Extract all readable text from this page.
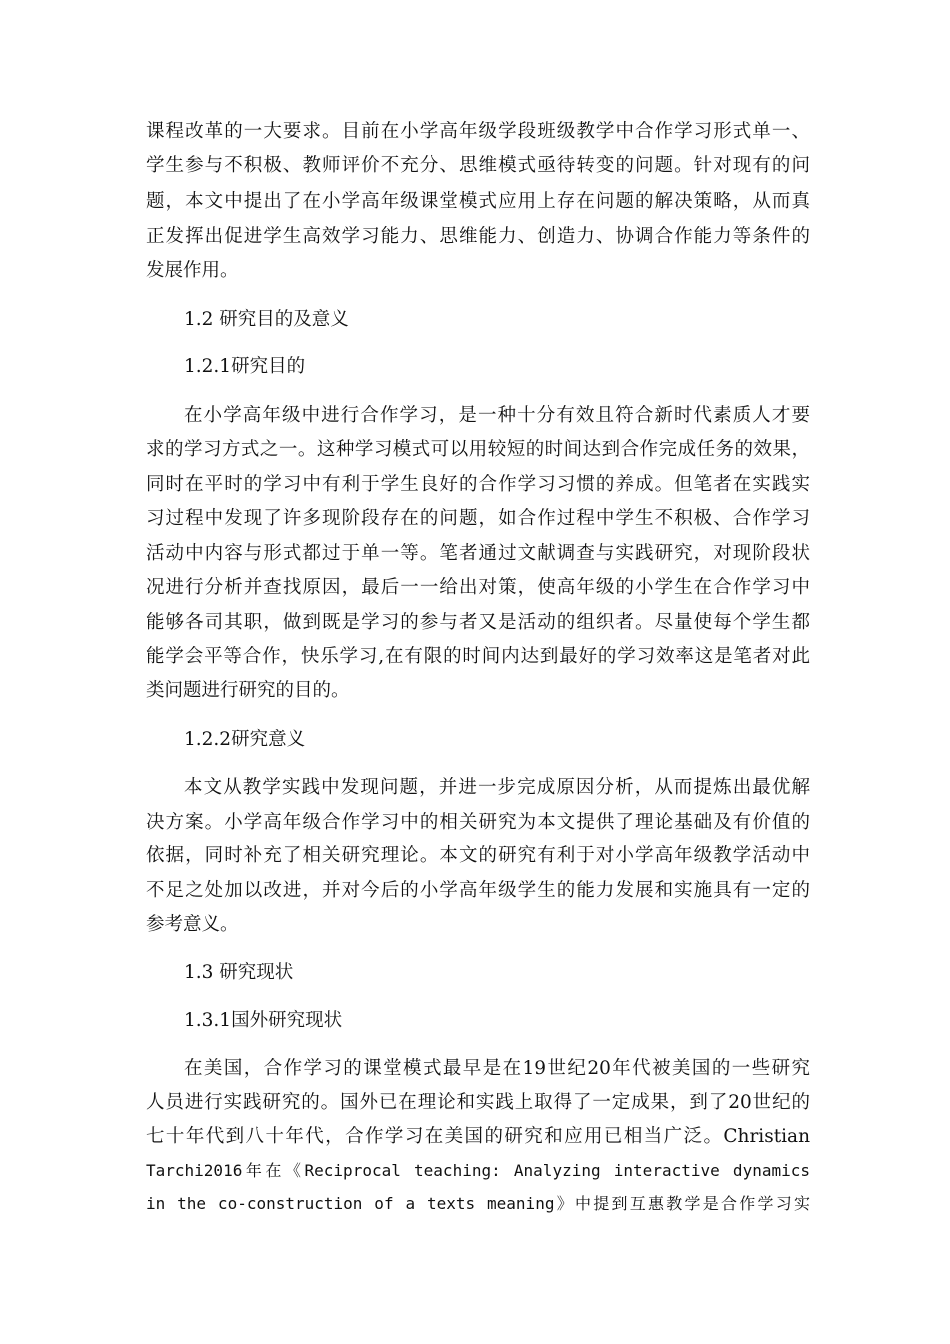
课程改革的一大要求。目前在小学高年级学段班级教学中合作学习形式单一、
学生参与不积极、教师评价不充分、思维模式亟待转变的问题。针对现有的问
题，本文中提出了在小学高年级课堂模式应用上存在问题的解决策略，从而真
正发挥出促进学生高效学习能力、思维能力、创造力、协调合作能力等条件的
发展作用。
1.2 研究目的及意义
1.2.1研究目的
在小学高年级中进行合作学习，是一种十分有效且符合新时代素质人才要
求的学习方式之一。这种学习模式可以用较短的时间达到合作完成任务的效果，
同时在平时的学习中有利于学生良好的合作学习习惯的养成。但笔者在实践实
习过程中发现了许多现阶段存在的问题，如合作过程中学生不积极、合作学习
活动中内容与形式都过于单一等。笔者通过文献调查与实践研究，对现阶段状
况进行分析并查找原因，最后一一给出对策，使高年级的小学生在合作学习中
能够各司其职，做到既是学习的参与者又是活动的组织者。尽量使每个学生都
能学会平等合作，快乐学习,在有限的时间内达到最好的学习效率这是笔者对此
类问题进行研究的目的。
1.2.2研究意义
本文从教学实践中发现问题，并进一步完成原因分析，从而提炼出最优解
决方案。小学高年级合作学习中的相关研究为本文提供了理论基础及有价值的
依据，同时补充了相关研究理论。本文的研究有利于对小学高年级教学活动中
不足之处加以改进，并对今后的小学高年级学生的能力发展和实施具有一定的
参考意义。
1.3 研究现状
1.3.1国外研究现状
在美国，合作学习的课堂模式最早是在19世纪20年代被美国的一些研究
人员进行实践研究的。国外已在理论和实践上取得了一定成果，到了20世纪的
七十年代到八十年代，合作学习在美国的研究和应用已相当广泛。Christian
Tarchi2016年在《Reciprocal teaching: Analyzing interactive dynamics
in the co-construction of a texts meaning》中提到互惠教学是合作学习实
